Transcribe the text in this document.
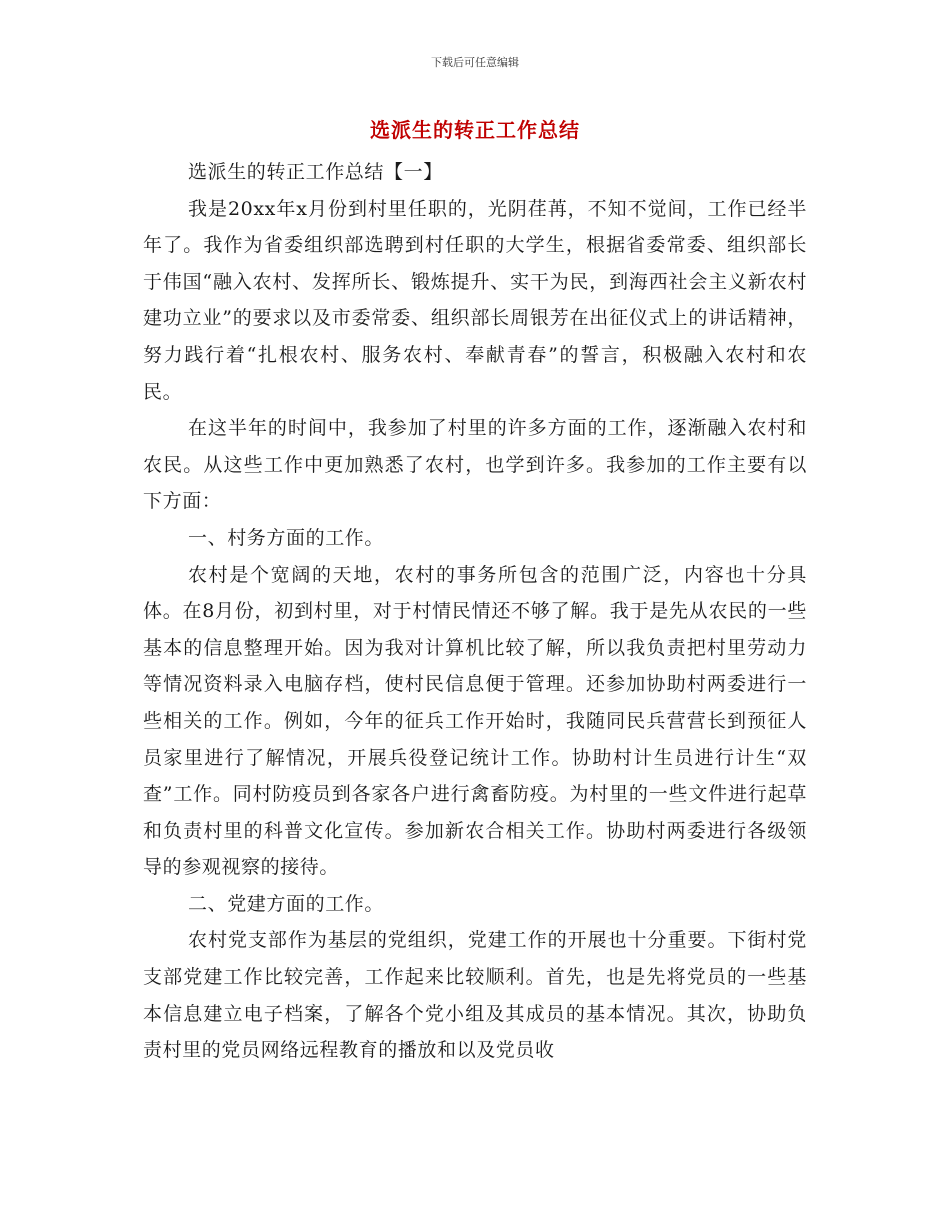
下载后可任意编辑
选派生的转正工作总结

选派生的转正工作总结【一】

我是20xx年x月份到村里任职的，光阴荏苒，不知不觉间，工作已经半年了。我作为省委组织部选聘到村任职的大学生，根据省委常委、组织部长于伟国“融入农村、发挥所长、锻炼提升、实干为民，到海西社会主义新农村建功立业”的要求以及市委常委、组织部长周银芳在出征仪式上的讲话精神，努力践行着“扎根农村、服务农村、奉献青春”的誓言，积极融入农村和农民。

在这半年的时间中，我参加了村里的许多方面的工作，逐渐融入农村和农民。从这些工作中更加熟悉了农村，也学到许多。我参加的工作主要有以下方面：

一、村务方面的工作。

农村是个宽阔的天地，农村的事务所包含的范围广泛，内容也十分具体。在8月份，初到村里，对于村情民情还不够了解。我于是先从农民的一些基本的信息整理开始。因为我对计算机比较了解，所以我负责把村里劳动力等情况资料录入电脑存档，使村民信息便于管理。还参加协助村两委进行一些相关的工作。例如，今年的征兵工作开始时，我随同民兵营营长到预征人员家里进行了解情况，开展兵役登记统计工作。协助村计生员进行计生“双查”工作。同村防疫员到各家各户进行禽畜防疫。为村里的一些文件进行起草和负责村里的科普文化宣传。参加新农合相关工作。协助村两委进行各级领导的参观视察的接待。

二、党建方面的工作。

农村党支部作为基层的党组织，党建工作的开展也十分重要。下街村党支部党建工作比较完善，工作起来比较顺利。首先，也是先将党员的一些基本信息建立电子档案，了解各个党小组及其成员的基本情况。其次，协助负责村里的党员网络远程教育的播放和以及党员收
